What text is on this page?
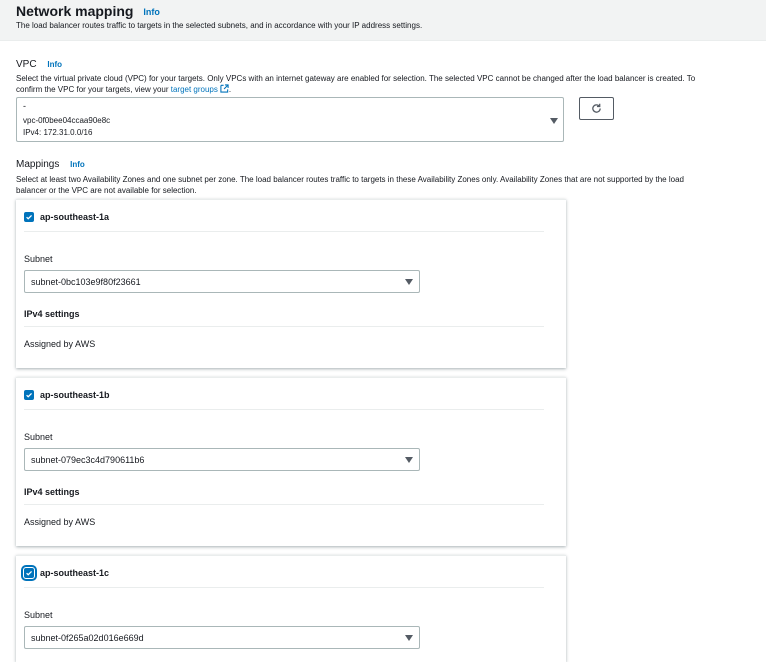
Network mapping Info
The load balancer routes traffic to targets in the selected subnets, and in accordance with your IP address settings.
VPC Info
Select the virtual private cloud (VPC) for your targets. Only VPCs with an internet gateway are enabled for selection. The selected VPC cannot be changed after the load balancer is created. To
confirm the VPC for your targets, view your target groups .
-
vpc-0f0bee04ccaa90e8c
IPv4: 172.31.0.0/16
Mappings Info
Select at least two Availability Zones and one subnet per zone. The load balancer routes traffic to targets in these Availability Zones only. Availability Zones that are not supported by the load
balancer or the VPC are not available for selection.
ap-southeast-1a
Subnet
subnet-0bc103e9f80f23661
IPv4 settings
Assigned by AWS
ap-southeast-1b
Subnet
subnet-079ec3c4d790611b6
IPv4 settings
Assigned by AWS
ap-southeast-1c
Subnet
subnet-0f265a02d016e669d
